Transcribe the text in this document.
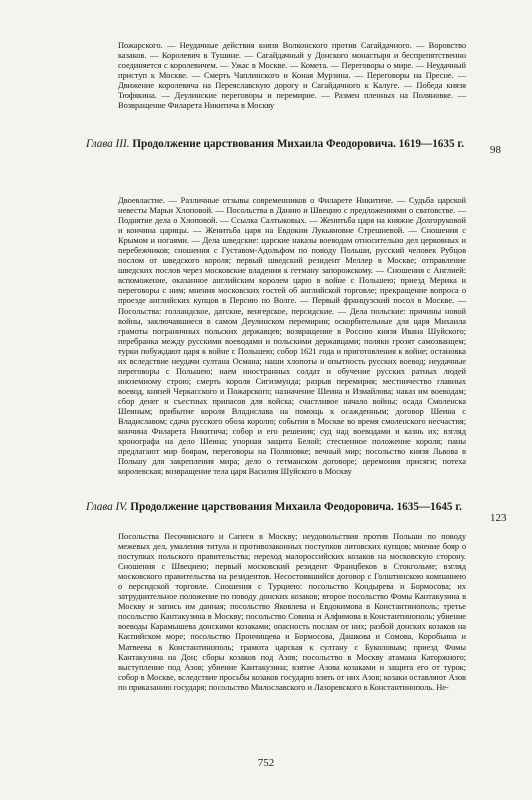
Пожарского. — Неудачные действия князя Волконского против Сагайдачного. — Воровство казаков. — Королевич в Тушине. — Сагайдачный у Донского монастыря и беспрепятственно соединяется с королевичем. — Ужас в Москве. — Комета. — Переговоры о мире. — Неудачный приступ к Москве. — Смерть Чаплинского и Коная Мурзина. — Переговоры на Пресне. — Движение королевича на Переяславскую дорогу и Сагайдачного к Калуге. — Победа князя Тюфякина. — Деулинские переговоры и перемирие. — Размен пленных на Поляновке. — Возвращение Филарета Никитича в Москву

98
Глава III. Продолжение царствования Михаила Феодоровича. 1619—1635 г.

Двоевластие. — Различные отзывы современников о Филарете Никитиче. — Судьба царской невесты Марьи Хлоповой. — Посольства в Данию и Швецию с предложениями о сватовстве. — Поднятие дела о Хлоповой. — Ссылка Салтыковых. — Женитьба царя на княжне Долгоруковой и кончина царицы. — Женитьба царя на Евдокии Лукьяновне Стрешневой. — Сношения с Крымом и ногаями. — Дела шведские: царские наказы воеводам относительно дел церковных и перебежчиков; сношения с Густавом-Адольфом по поводу Польши, русский человек Рубцов послом от шведского короля; первый шведский резидент Меллер в Москве; отправление шведских послов через московские владения к гетману запорожскому. — Сношения с Англией: вспоможение, оказанное английским королем царю в войне с Польшею; приезд Мерика и переговоры с ним; мнения московских гостей об английской торговле; прекращение вопроса о проезде английских купцов в Персию по Волге. — Первый французский посол в Москве. — Посольства: голландское, датские, венгерское, персидские. — Дела польские: причины новой войны, заключавшиеся в самом Деулинском перемирии; оскорбительные для царя Михаила грамоты пограничных польских державцев; возвращение в Россию князя Ивана Шуйского; перебранка между русскими воеводами и польскими державцами; поляки грозят самозванцем; турки побуждают царя к войне с Польшею; собор 1621 года и приготовления к войне; остановка их вследствие неудачи султана Османа; наши хлопоты и опытность русских воевод; неудачные переговоры с Польшею; наем иностранных солдат и обучение русских ратных людей иноземному строю; смерть короля Сигизмунда; разрыв перемирия; местничество главных воевод, князей Черкасского и Пожарского; назначение Шеина и Измайлова; наказ им воеводам; сбор денег и съестных припасов для войска; счастливое начало войны; осада Смоленска Шеиным; прибытие короля Владислава на помощь к осажденным; договор Шеина с Владиславом; сдача русского обоза королю; события в Москве во время смоленского несчастия; кончина Филарета Никитича; собор и его решения; суд над воеводами и казнь их; взгляд хронографа на дело Шеина; упорная защита Белой; стесненное положение короля; паны предлагают мир боярам, переговоры на Поляновке; вечный мир; посольство князя Львова в Польшу для закрепления мира; дело о гетманском договоре; церемония присяги; потеха королевская; возвращение тела царя Василия Шуйского в Москву

123
Глава IV. Продолжение царствования Михаила Феодоровича. 1635—1645 г.

Посольства Песочинского и Сапеги в Москву; неудовольствия против Польши по поводу межевых дел, умаления титула и противозаконных поступков литовских купцов; мнение бояр о поступках польского правительства; переход малороссийских козаков на московскую сторону. Сношения с Швециею; первый московский резидент Францбеков в Стокгольме; взгляд московского правительства на резидентов. Несостоявшийся договор с Голштинскою компаниею о персидской торговле. Сношения с Турциею: посольство Кондырева и Бормосова; их затруднительное положение по поводу донских козаков; второе посольство Фомы Кантакузина в Москву и запись им данная; посольство Яковлева и Евдокимова в Константинополь; третье посольство Кантакузина в Москву; посольство Совина и Алфимова в Константинополь; убиение воеводы Карамышева донскими козаками; опасность послам от них; разбой донских козаков на Каспийском море; посольство Прончищева и Бормосова, Дашкова и Сомова, Коробьина и Матвеева в Константинополь; грамота царская к султану с Буколовым; приезд Фомы Кантакузина на Дон; сборы козаков под Азов; посольство в Москву атамана Каторжного; выступление под Азов; убиение Кантакузина; взятие Азова козаками и защита его от турок; собор в Москве, вследствие просьбы козаков государю взять от них Азов; козаки оставляют Азов по приказанию государя; посольство Милославского и Лазоревского в Константинополь. Не-

752
